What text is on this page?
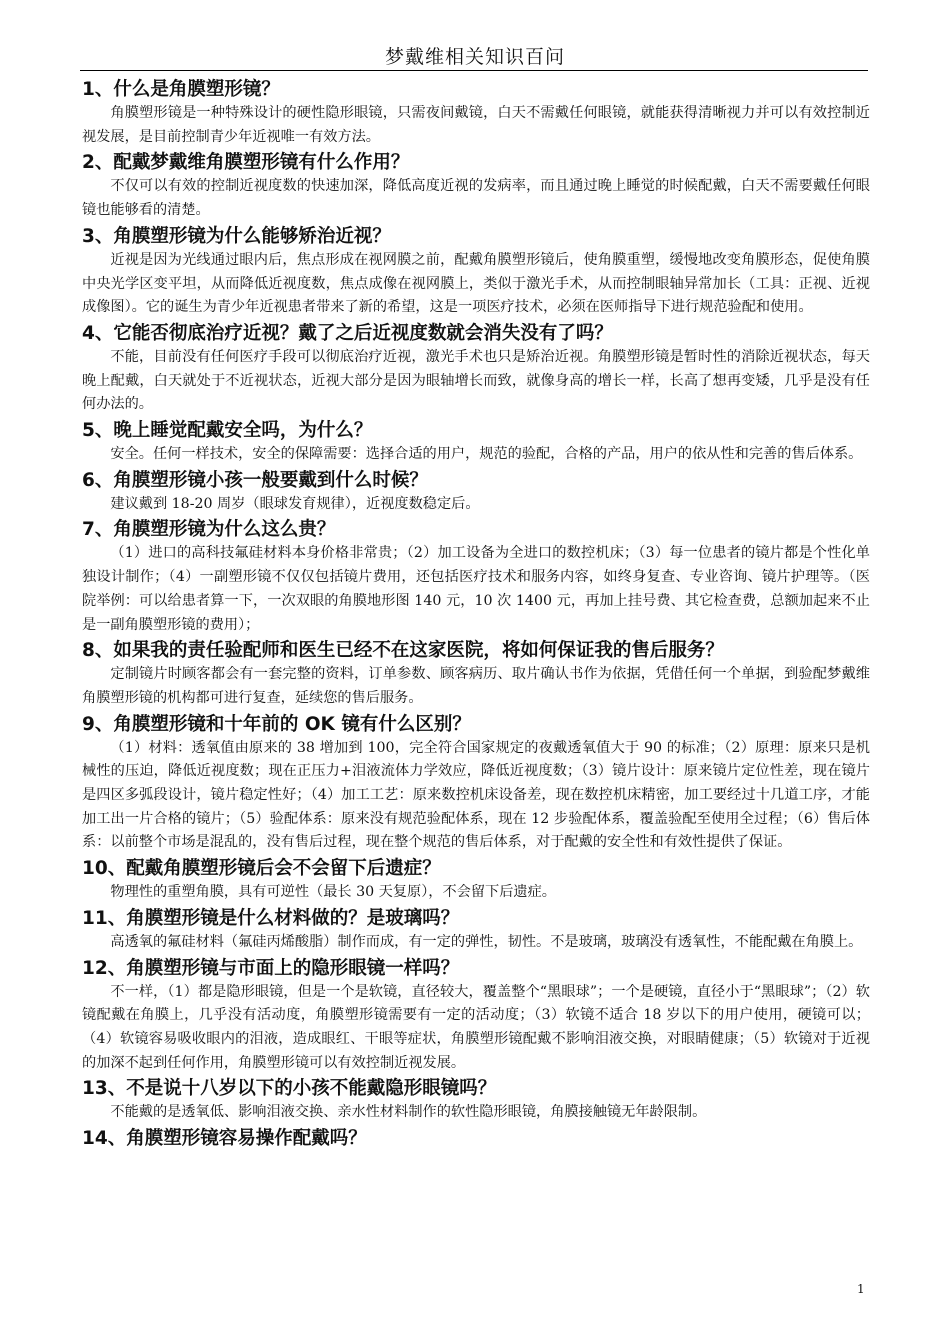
梦戴维相关知识百问

1、什么是角膜塑形镜？

角膜塑形镜是一种特殊设计的硬性隐形眼镜，只需夜间戴镜，白天不需戴任何眼镜，就能获得清晰视力并可以有效控制近视发展，是目前控制青少年近视唯一有效方法。

2、配戴梦戴维角膜塑形镜有什么作用？

不仅可以有效的控制近视度数的快速加深，降低高度近视的发病率，而且通过晚上睡觉的时候配戴，白天不需要戴任何眼镜也能够看的清楚。

3、角膜塑形镜为什么能够矫治近视？

近视是因为光线通过眼内后，焦点形成在视网膜之前，配戴角膜塑形镜后，使角膜重塑，缓慢地改变角膜形态，促使角膜中央光学区变平坦，从而降低近视度数，焦点成像在视网膜上，类似于激光手术，从而控制眼轴异常加长（工具：正视、近视成像图）。它的诞生为青少年近视患者带来了新的希望，这是一项医疗技术，必须在医师指导下进行规范验配和使用。

4、它能否彻底治疗近视？戴了之后近视度数就会消失没有了吗？

不能，目前没有任何医疗手段可以彻底治疗近视，激光手术也只是矫治近视。角膜塑形镜是暂时性的消除近视状态，每天晚上配戴，白天就处于不近视状态，近视大部分是因为眼轴增长而致，就像身高的增长一样，长高了想再变矮，几乎是没有任何办法的。

5、晚上睡觉配戴安全吗，为什么？

安全。任何一样技术，安全的保障需要：选择合适的用户，规范的验配，合格的产品，用户的依从性和完善的售后体系。

6、角膜塑形镜小孩一般要戴到什么时候？

建议戴到 18-20 周岁（眼球发育规律），近视度数稳定后。

7、角膜塑形镜为什么这么贵？

（1）进口的高科技氟硅材料本身价格非常贵；（2）加工设备为全进口的数控机床；（3）每一位患者的镜片都是个性化单独设计制作；（4）一副塑形镜不仅仅包括镜片费用，还包括医疗技术和服务内容，如终身复查、专业咨询、镜片护理等。（医院举例：可以给患者算一下，一次双眼的角膜地形图 140 元，10 次 1400 元，再加上挂号费、其它检查费，总额加起来不止是一副角膜塑形镜的费用）；

8、如果我的责任验配师和医生已经不在这家医院，将如何保证我的售后服务？

定制镜片时顾客都会有一套完整的资料，订单参数、顾客病历、取片确认书作为依据，凭借任何一个单据，到验配梦戴维角膜塑形镜的机构都可进行复查，延续您的售后服务。

9、角膜塑形镜和十年前的 OK 镜有什么区别？

（1）材料：透氧值由原来的 38 增加到 100，完全符合国家规定的夜戴透氧值大于 90 的标准；（2）原理：原来只是机械性的压迫，降低近视度数；现在正压力+泪液流体力学效应，降低近视度数；（3）镜片设计：原来镜片定位性差，现在镜片是四区多弧段设计，镜片稳定性好；（4）加工工艺：原来数控机床设备差，现在数控机床精密，加工要经过十几道工序，才能加工出一片合格的镜片；（5）验配体系：原来没有规范验配体系，现在 12 步验配体系，覆盖验配至使用全过程；（6）售后体系：以前整个市场是混乱的，没有售后过程，现在整个规范的售后体系，对于配戴的安全性和有效性提供了保证。

10、配戴角膜塑形镜后会不会留下后遗症？

物理性的重塑角膜，具有可逆性（最长 30 天复原），不会留下后遗症。

11、角膜塑形镜是什么材料做的？是玻璃吗？

高透氧的氟硅材料（氟硅丙烯酸脂）制作而成，有一定的弹性，韧性。不是玻璃，玻璃没有透氧性，不能配戴在角膜上。

12、角膜塑形镜与市面上的隐形眼镜一样吗？

不一样，（1）都是隐形眼镜，但是一个是软镜，直径较大，覆盖整个“黑眼球”；一个是硬镜，直径小于“黑眼球”；（2）软镜配戴在角膜上，几乎没有活动度，角膜塑形镜需要有一定的活动度；（3）软镜不适合 18 岁以下的用户使用，硬镜可以；（4）软镜容易吸收眼内的泪液，造成眼红、干眼等症状，角膜塑形镜配戴不影响泪液交换，对眼睛健康；（5）软镜对于近视的加深不起到任何作用，角膜塑形镜可以有效控制近视发展。

13、不是说十八岁以下的小孩不能戴隐形眼镜吗？

不能戴的是透氧低、影响泪液交换、亲水性材料制作的软性隐形眼镜，角膜接触镜无年龄限制。

14、角膜塑形镜容易操作配戴吗？

1
